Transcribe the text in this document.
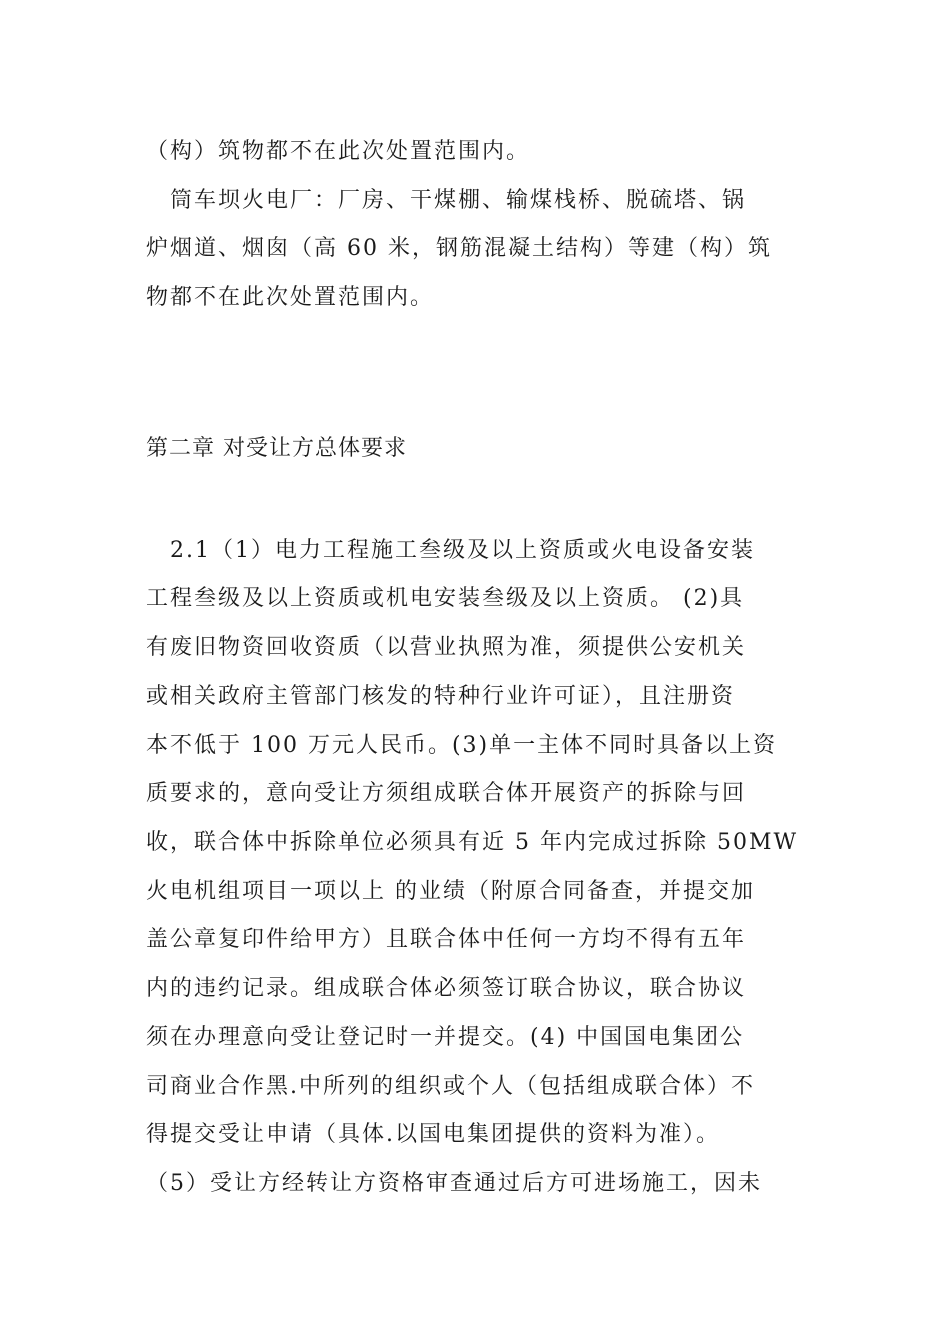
（构）筑物都不在此次处置范围内。
筒车坝火电厂：厂房、干煤棚、输煤栈桥、脱硫塔、锅
炉烟道、烟囱（高 60 米，钢筋混凝土结构）等建（构）筑
物都不在此次处置范围内。
第二章 对受让方总体要求
2.1（1）电力工程施工叁级及以上资质或火电设备安装
工程叁级及以上资质或机电安装叁级及以上资质。 (2)具
有废旧物资回收资质（以营业执照为准，须提供公安机关
或相关政府主管部门核发的特种行业许可证），且注册资
本不低于 100 万元人民币。(3)单一主体不同时具备以上资
质要求的，意向受让方须组成联合体开展资产的拆除与回
收，联合体中拆除单位必须具有近 5 年内完成过拆除 50MW
火电机组项目一项以上 的业绩（附原合同备查，并提交加
盖公章复印件给甲方）且联合体中任何一方均不得有五年
内的违约记录。组成联合体必须签订联合协议，联合协议
须在办理意向受让登记时一并提交。(4) 中国国电集团公
司商业合作黑.中所列的组织或个人（包括组成联合体）不
得提交受让申请（具体.以国电集团提供的资料为准）。
（5）受让方经转让方资格审查通过后方可进场施工，因未
